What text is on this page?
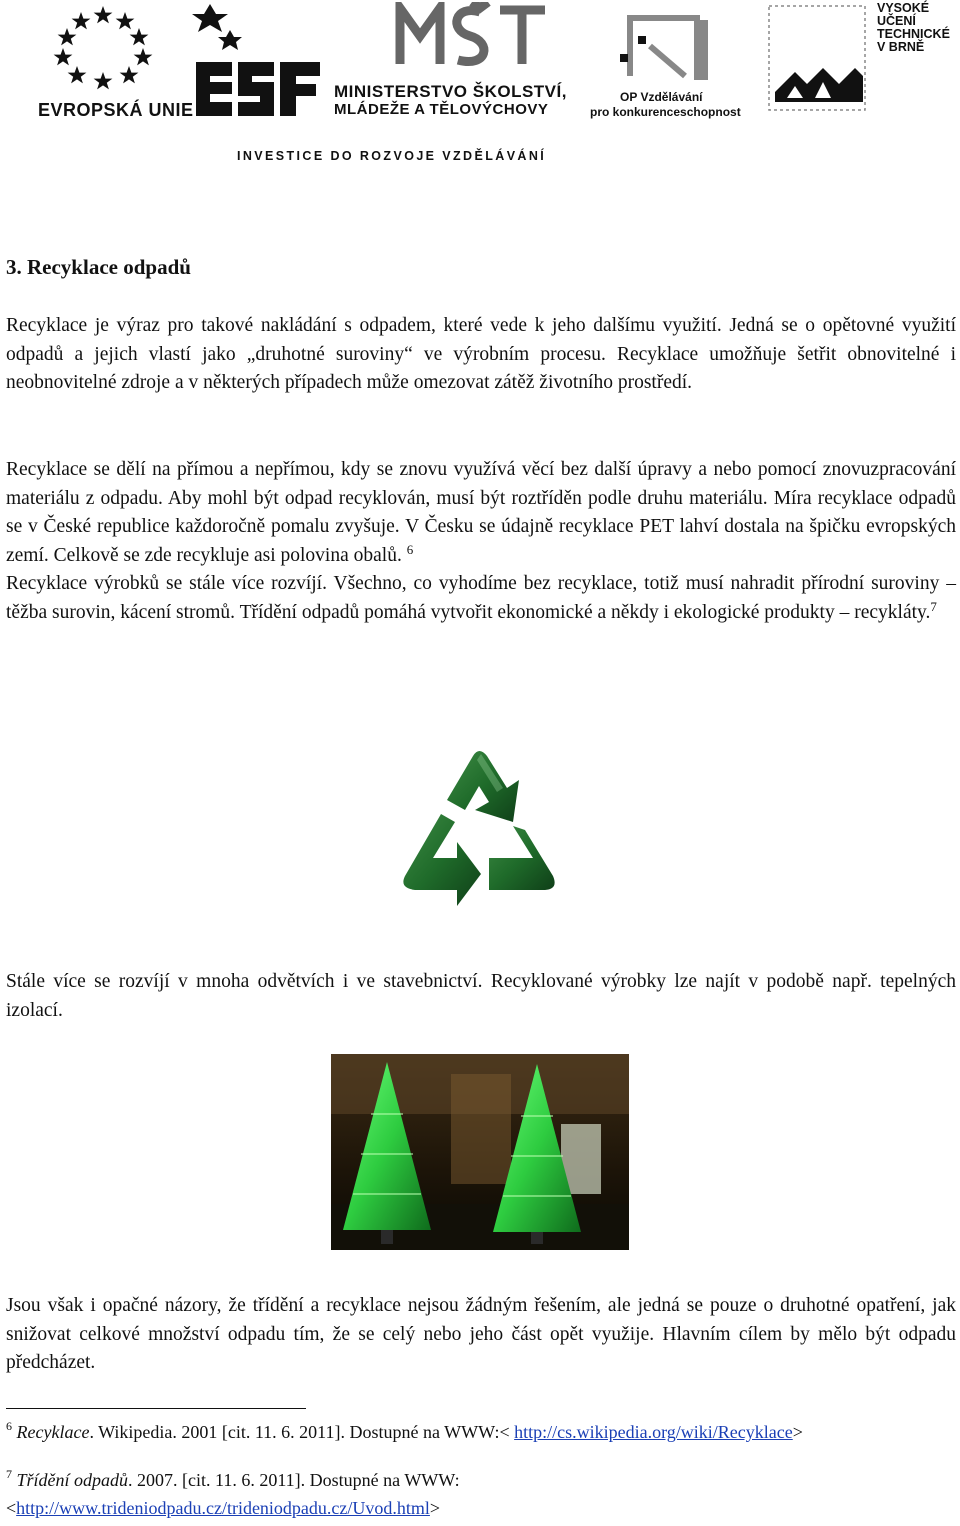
EVROPSKÁ UNIE
MINISTERSTVO ŠKOLSTVÍ,
MLÁDEŽE A TĚLOVÝCHOVY
OP Vzdělávání
pro konkurenceschopnost
VYSOKÉ
UČENÍ
TECHNICKÉ
V BRNĚ
INVESTICE DO ROZVOJE VZDĚLÁVÁNÍ
3. Recyklace odpadů

Recyklace je výraz pro takové nakládání s odpadem, které vede k jeho dalšímu využití. Jedná se o opětovné využití odpadů a jejich vlastí jako „druhotné suroviny“ ve výrobním procesu. Recyklace umožňuje šetřit obnovitelné i neobnovitelné zdroje a v některých případech může omezovat zátěž životního prostředí.

Recyklace se dělí na přímou a nepřímou, kdy se znovu využívá věcí bez další úpravy a nebo pomocí znovuzpracování materiálu z odpadu. Aby mohl být odpad recyklován, musí být roztříděn podle druhu materiálu. Míra recyklace odpadů se v České republice každoročně pomalu zvyšuje. V Česku se údajně recyklace PET lahví dostala na špičku evropských zemí. Celkově se zde recykluje asi polovina obalů. $^6$
Recyklace výrobků se stále více rozvíjí. Všechno, co vyhodíme bez recyklace, totiž musí nahradit přírodní suroviny – těžba surovin, kácení stromů. Třídění odpadů pomáhá vytvořit ekonomické a někdy i ekologické produkty – recykláty.$^7$

Stále více se rozvíjí v mnoha odvětvích i ve stavebnictví. Recyklované výrobky lze najít v podobě např. tepelných izolací.

Jsou však i opačné názory, že třídění a recyklace nejsou žádným řešením, ale jedná se pouze o druhotné opatření, jak snižovat celkové množství odpadu tím, že se celý nebo jeho část opět využije. Hlavním cílem by mělo být odpadu předcházet.

$^6$ Recyklace. Wikipedia. 2001 [cit. 11. 6. 2011]. Dostupné na WWW:< http://cs.wikipedia.org/wiki/Recyklace>

$^7$ Třídění odpadů. 2007. [cit. 11. 6. 2011]. Dostupné na WWW:
<http://www.trideniodpadu.cz/trideniodpadu.cz/Uvod.html>
